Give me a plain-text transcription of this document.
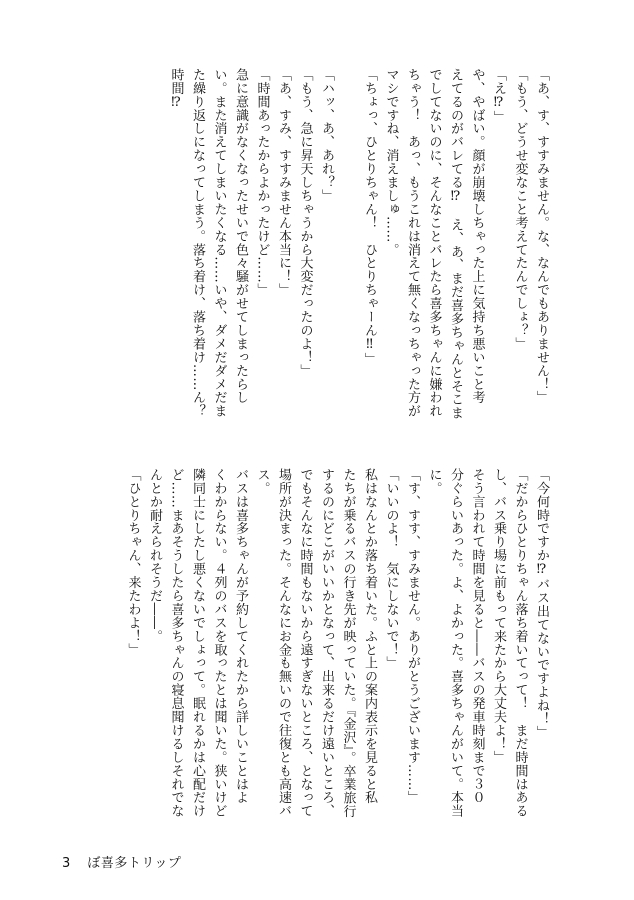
「あ、す、すすみません。な、なんでもありません！」
「もう、どうせ変なこと考えてたんでしょ？」
「え⁉」
や、やばい。顔が崩壊しちゃった上に気持ち悪いこと考
えてるのがバレてる⁉　え、あ、まだ喜多ちゃんとそこま
でしてないのに、そんなことバレたら喜多ちゃんに嫌われ
ちゃう！　あっ、もうこれは消えて無くなっちゃった方が
マシですね、消えましゅ……。
「ちょっ、ひとりちゃん！　ひとりちゃーん‼」

「ハッ、あ、あれ？」
「もう、急に昇天しちゃうから大変だったのよ！」
「あ、すみ、すすみません本当に！」
「時間あったからよかったけど……」
急に意識がなくなったせいで色々騒がせてしまったらし
い。また消えてしまいたくなる……いや、ダメだダメだま
た繰り返しになってしまう。落ち着け、落ち着け……ん？
時間⁉
「今何時ですか⁉バス出てないですよね！」
「だからひとりちゃん落ち着いてって！　まだ時間はある
し、バス乗り場に前もって来たから大丈夫よ！」
そう言われて時間を見ると――バスの発車時刻まで３０
分ぐらいあった。よ、よかった。喜多ちゃんがいて。本当
に。
「す、すす、すみません。ありがとうございます……」
「いいのよ！　気にしないで！」
私はなんとか落ち着いた。ふと上の案内表示を見ると私
たちが乗るバスの行き先が映っていた。『金沢』。卒業旅行
するのにどこがいいかとなって、出来るだけ遠いところ、
でもそんなに時間もないから遠すぎないところ、となって
場所が決まった。そんなにお金も無いので往復とも高速バ
ス。
バスは喜多ちゃんが予約してくれたから詳しいことはよ
くわからない。４列のバスを取ったとは聞いた。狭いけど
隣同士にしたし悪くないでしょって。眠れるかは心配だけ
ど……まあそうしたら喜多ちゃんの寝息聞けるしそれでな
んとか耐えられそうだ――。
「ひとりちゃん、来たわよ！」
3 ぼ喜多トリップ
